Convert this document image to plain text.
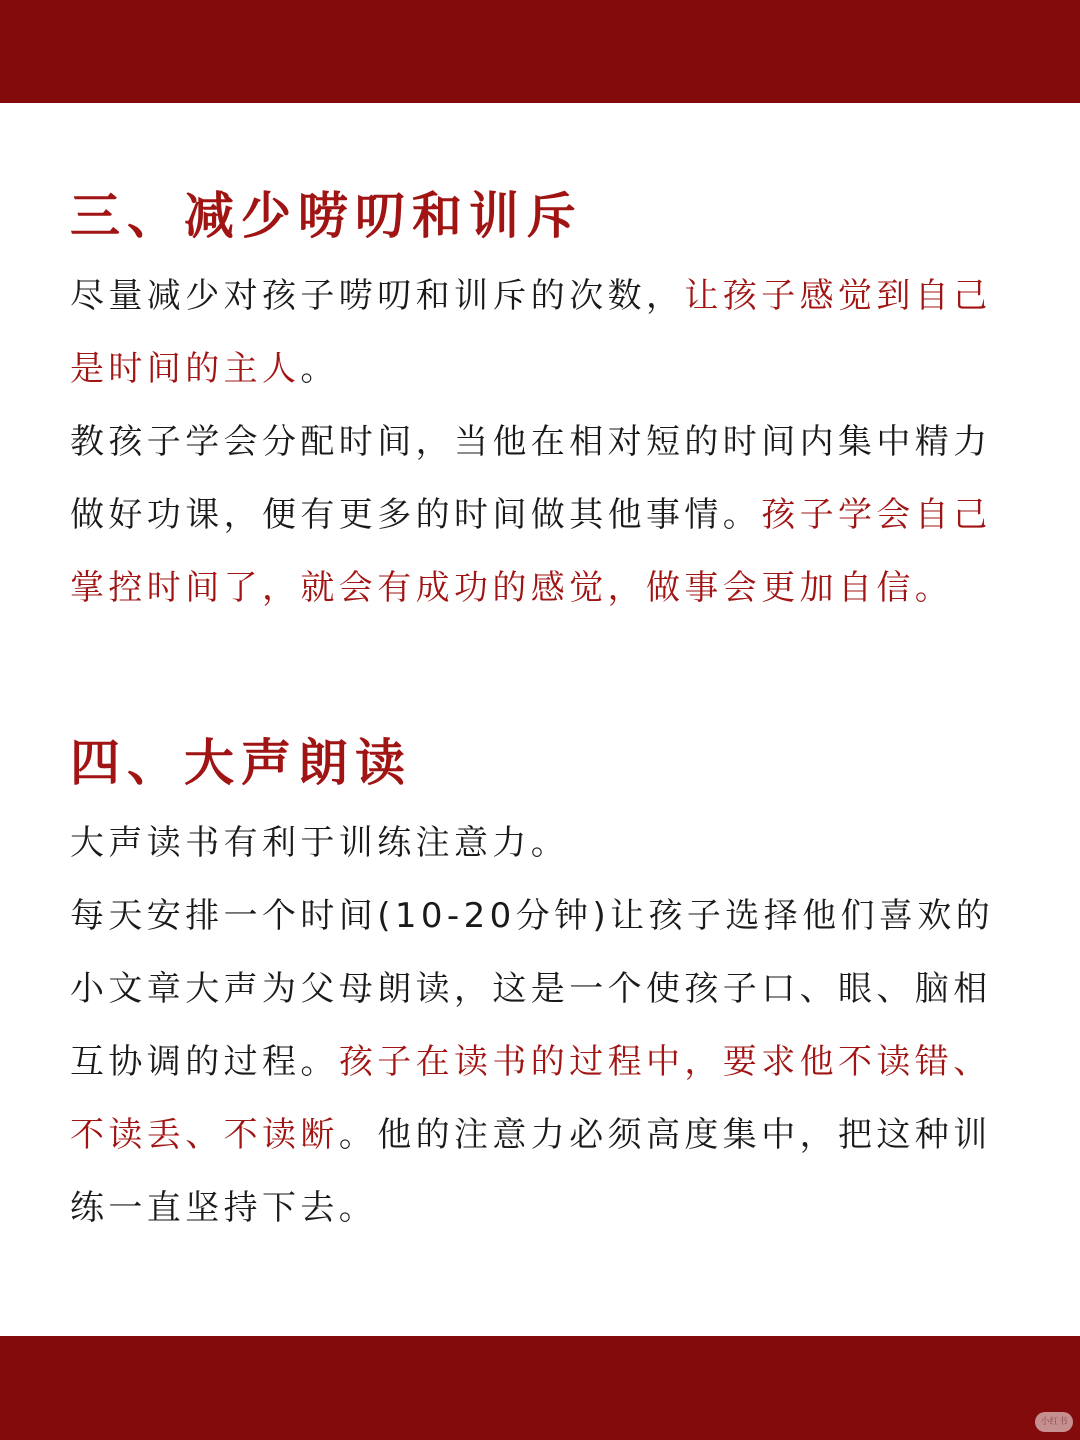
三、减少唠叨和训斥

尽量减少对孩子唠叨和训斥的次数，让孩子感觉到自己是时间的主人。

教孩子学会分配时间，当他在相对短的时间内集中精力做好功课，便有更多的时间做其他事情。孩子学会自己掌控时间了，就会有成功的感觉，做事会更加自信。

四、大声朗读

大声读书有利于训练注意力。

每天安排一个时间(10-20分钟)让孩子选择他们喜欢的小文章大声为父母朗读，这是一个使孩子口、眼、脑相互协调的过程。孩子在读书的过程中，要求他不读错、不读丢、不读断。他的注意力必须高度集中，把这种训练一直坚持下去。

小红书
